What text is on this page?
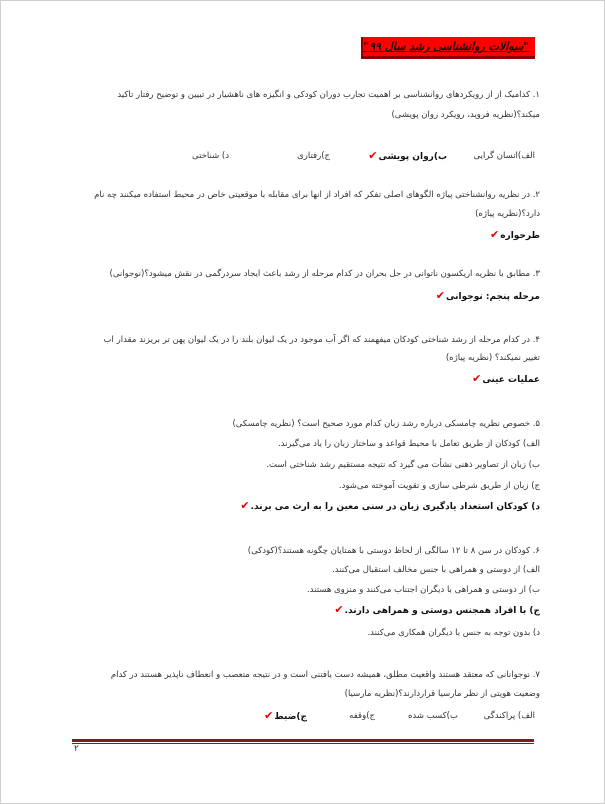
"سوالات روانشناسی رشد سال ۹۹"
۱. کدامیک از از رویکردهای روانشناسی بر اهمیت تجارب دوران کودکی و انگیزه های ناهشیار در تبیین و توضیح رفتار تاکید
میکند؟(نظریه فروید، رویکرد روان پویشی)
الف)انسان گرایی
ب)روان پویشی✔
ج)رفتاری
د) شناختی
۲. در نظریه روانشناختی پیاژه الگوهای اصلی تفکر که افراد از انها برای مقابله با موقعیتی خاص در محیط استفاده میکنند چه نام
دارد؟(نظریه پیاژه)
طرحواره✔
۳. مطابق با نظریه اریکسون ناتوانی در حل بحران در کدام مرحله از رشد باعث ایجاد سردرگمی در نقش میشود؟(نوجوانی)
مرحله پنجم: نوجوانی✔
۴. در کدام مرحله از رشد شناختی کودکان میفهمند که اگر آب موجود در یک لیوان بلند را در یک لیوان پهن تر بریزند مقدار اب
تغییر نمیکند؟ (نظریه پیاژه)
عملیات عینی✔
۵. خصوص نظریه چامسکی درباره رشد زبان کدام مورد صحیح است؟ (نظریه چامسکی)
الف) کودکان از طریق تعامل با محیط قواعد و ساختار زبان را یاد می‌گیرند.
ب) زبان از تصاویر ذهنی نشأت می گیرد که نتیجه مستقیم رشد شناختی است.
ج) زبان از طریق شرطی سازی و تقویت آموخته می‌شود.
د) کودکان استعداد یادگیری زبان در سنی معین را به ارث می برند.✔
۶. کودکان در سن ۸ تا ۱۲ سالگی از لحاظ دوستی با همتایان چگونه هستند؟(کودکی)
الف) از دوستی و همراهی با جنس مخالف استقبال می‌کنند.
ب) از دوستی و همراهی با دیگران اجتناب می‌کنند و منزوی هستند.
ج) با افراد همجنس دوستی و همراهی دارند.✔
د) بدون توجه به جنس با دیگران همکاری می‌کنند.
۷. نوجوانانی که معتقد هستند واقعیت مطلق، همیشه دست یافتنی است و در نتیجه متعصب و انعطاف ناپذیر هستند در کدام
وضعیت هویتی از نظر مارسیا قراردارند؟(نظریه مارسیا)
الف) پراکندگی
ب)کسب شده
ج)وقفه
ج)ضبط✔
۲
